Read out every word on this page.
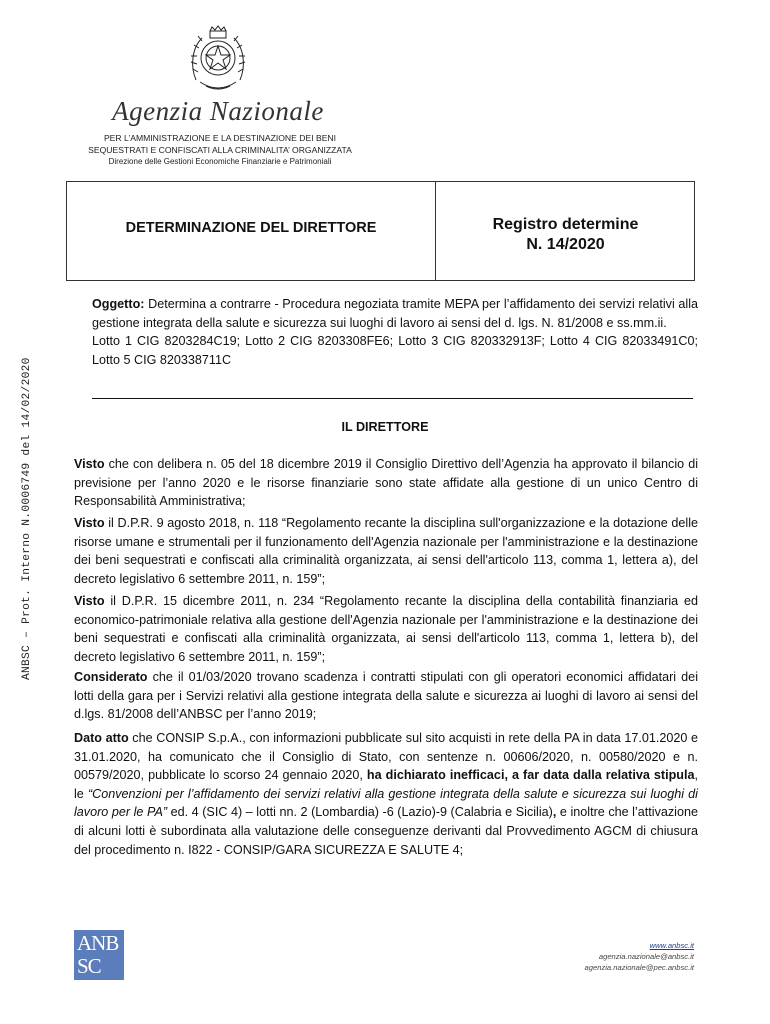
Agenzia Nazionale
PER L’AMMINISTRAZIONE E LA DESTINAZIONE DEI BENI
SEQUESTRATI E CONFISCATI ALLA CRIMINALITA’ ORGANIZZATA
Direzione delle Gestioni Economiche Finanziarie e Patrimoniali
ANBSC – Prot. Interno N.0006749 del 14/02/2020
DETERMINAZIONE DEL DIRETTORE	Registro determine
N. 14/2020

Oggetto: Determina a contrarre - Procedura negoziata tramite MEPA per l’affidamento dei servizi relativi alla gestione integrata della salute e sicurezza sui luoghi di lavoro ai sensi del d. lgs. N. 81/2008 e ss.mm.ii.

Lotto 1 CIG 8203284C19; Lotto 2 CIG 8203308FE6; Lotto 3 CIG 820332913F; Lotto 4 CIG 82033491C0; Lotto 5 CIG 820338711C

IL DIRETTORE

Visto che con delibera n. 05 del 18 dicembre 2019 il Consiglio Direttivo dell’Agenzia ha approvato il bilancio di previsione per l’anno 2020 e le risorse finanziarie sono state affidate alla gestione di un unico Centro di Responsabilità Amministrativa;

Visto il D.P.R. 9 agosto 2018, n. 118 “Regolamento recante la disciplina sull'organizzazione e la dotazione delle risorse umane e strumentali per il funzionamento dell'Agenzia nazionale per l'amministrazione e la destinazione dei beni sequestrati e confiscati alla criminalità organizzata, ai sensi dell'articolo 113, comma 1, lettera a), del decreto legislativo 6 settembre 2011, n. 159”;

Visto il D.P.R. 15 dicembre 2011, n. 234 “Regolamento recante la disciplina della contabilità finanziaria ed economico-patrimoniale relativa alla gestione dell'Agenzia nazionale per l'amministrazione e la destinazione dei beni sequestrati e confiscati alla criminalità organizzata, ai sensi dell'articolo 113, comma 1, lettera b), del decreto legislativo 6 settembre 2011, n. 159”;

Considerato che il 01/03/2020 trovano scadenza i contratti stipulati con gli operatori economici affidatari dei lotti della gara per i Servizi relativi alla gestione integrata della salute e sicurezza ai luoghi di lavoro ai sensi del d.lgs. 81/2008 dell’ANBSC per l’anno 2019;

Dato atto che CONSIP S.p.A., con informazioni pubblicate sul sito acquisti in rete della PA in data 17.01.2020 e 31.01.2020, ha comunicato che il Consiglio di Stato, con sentenze n. 00606/2020, n. 00580/2020 e n. 00579/2020, pubblicate lo scorso 24 gennaio 2020, ha dichiarato inefficaci, a far data dalla relativa stipula, le “Convenzioni per l’affidamento dei servizi relativi alla gestione integrata della salute e sicurezza sui luoghi di lavoro per le PA” ed. 4 (SIC 4) – lotti nn. 2 (Lombardia) -6 (Lazio)-9 (Calabria e Sicilia), e inoltre che l’attivazione di alcuni lotti è subordinata alla valutazione delle conseguenze derivanti dal Provvedimento AGCM di chiusura del procedimento n. I822 - CONSIP/GARA SICUREZZA E SALUTE 4;

ANB
SC
www.anbsc.it
agenzia.nazionale@anbsc.it
agenzia.nazionale@pec.anbsc.it
